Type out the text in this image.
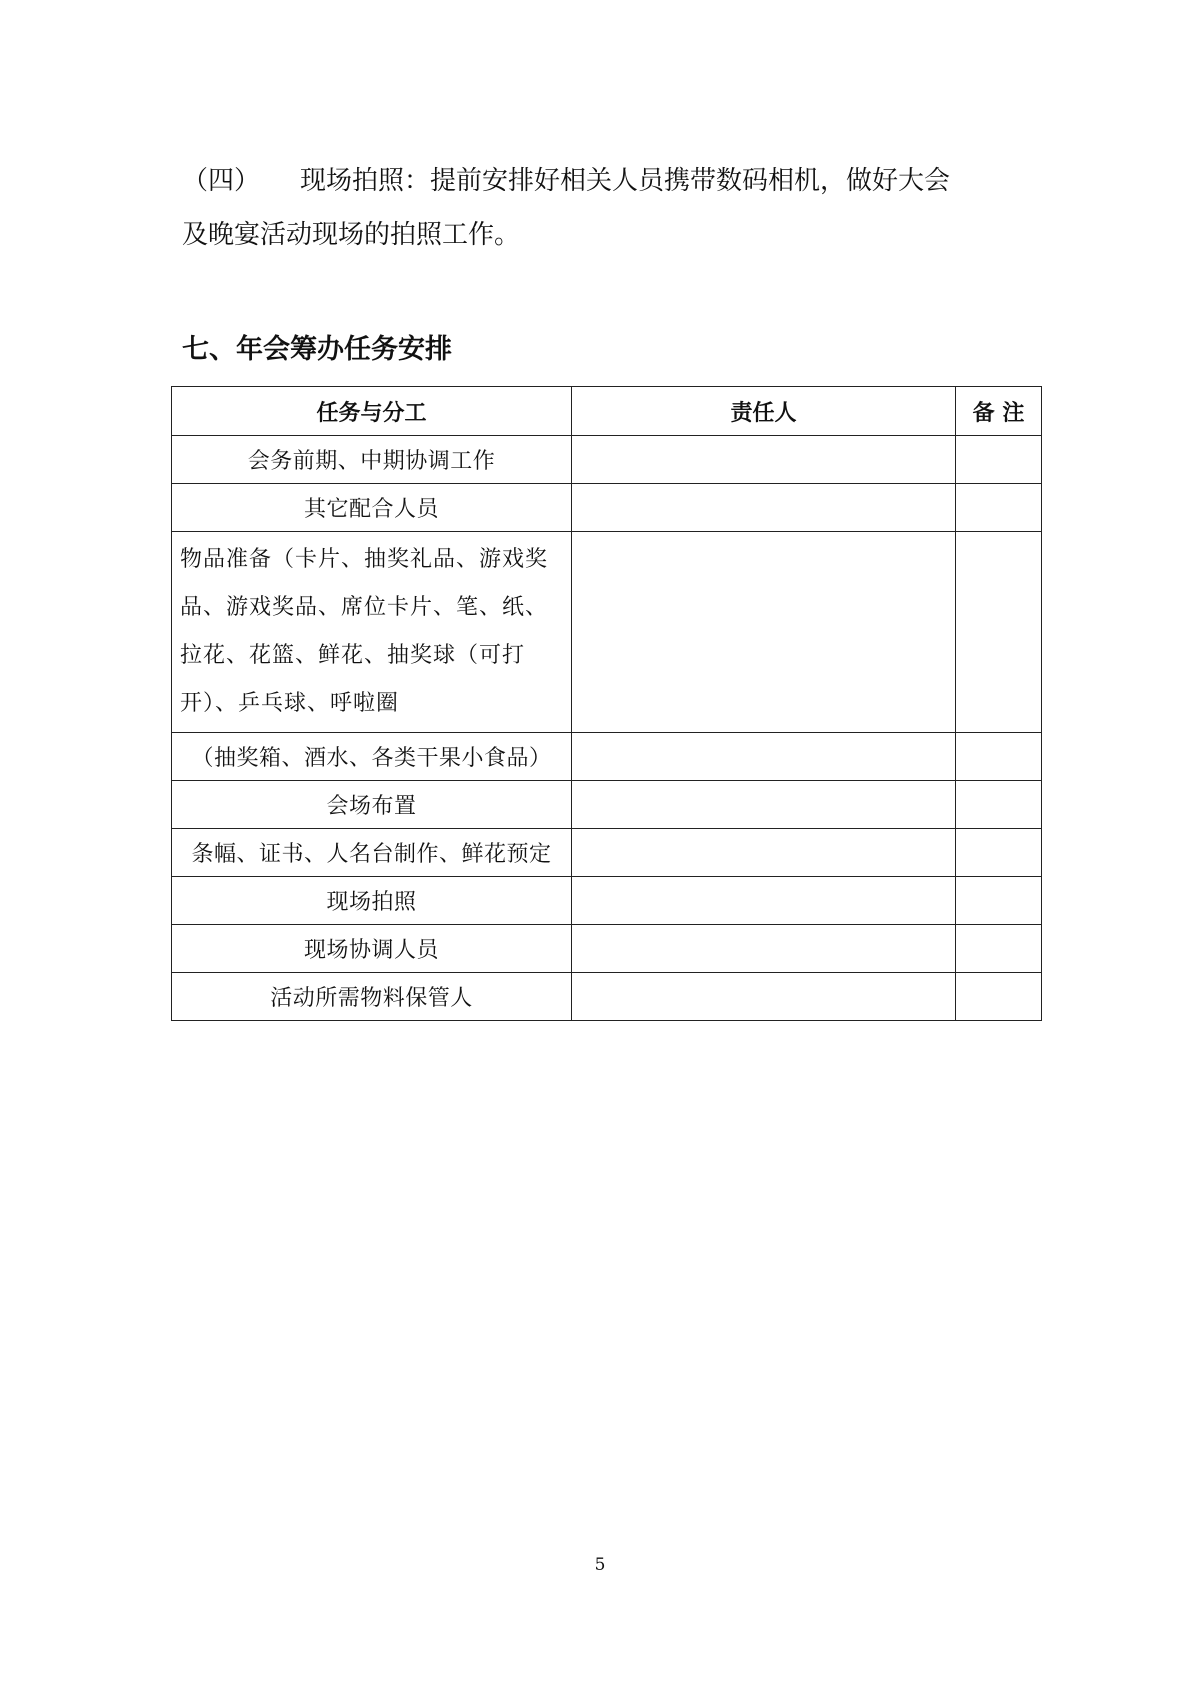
（四） 现场拍照：提前安排好相关人员携带数码相机，做好大会

及晚宴活动现场的拍照工作。

七、年会筹办任务安排
任务与分工	责任人	备 注
会务前期、中期协调工作		
其它配合人员		
物品准备（卡片、抽奖礼品、游戏奖品、游戏奖品、席位卡片、笔、纸、拉花、花篮、鲜花、抽奖球（可打开）、乒乓球、呼啦圈		
（抽奖箱、酒水、各类干果小食品）		
会场布置		
条幅、证书、人名台制作、鲜花预定		
现场拍照		
现场协调人员		
活动所需物料保管人		
5
